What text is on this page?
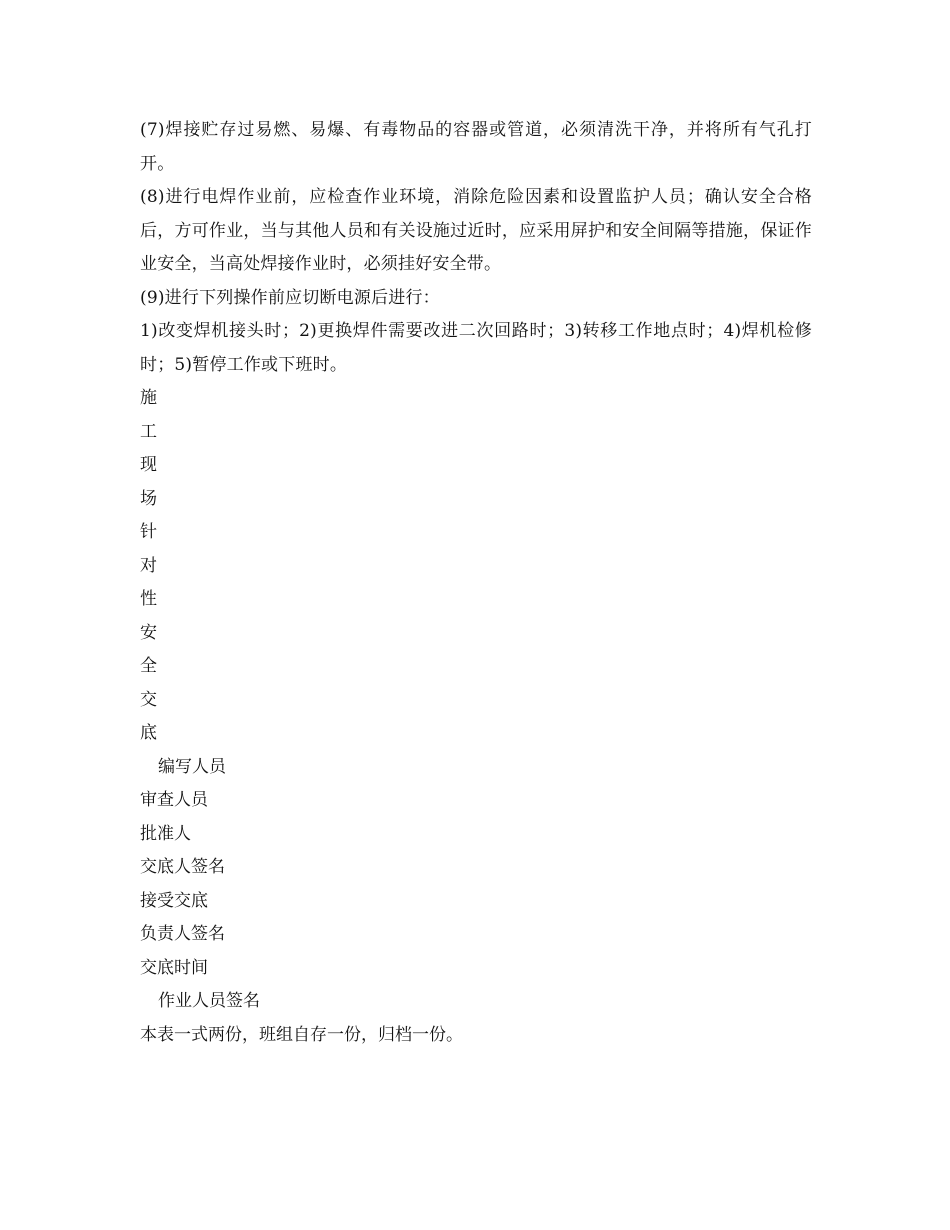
(7)焊接贮存过易燃、易爆、有毒物品的容器或管道，必须清洗干净，并将所有气孔打开。

(8)进行电焊作业前，应检查作业环境，消除危险因素和设置监护人员；确认安全合格后，方可作业，当与其他人员和有关设施过近时，应采用屏护和安全间隔等措施，保证作业安全，当高处焊接作业时，必须挂好安全带。

(9)进行下列操作前应切断电源后进行：

1)改变焊机接头时；2)更换焊件需要改进二次回路时；3)转移工作地点时；4)焊机检修时；5)暂停工作或下班时。

施

工

现

场

针

对

性

安

全

交

底

编写人员

审查人员

批准人

交底人签名

接受交底

负责人签名

交底时间

作业人员签名

本表一式两份，班组自存一份，归档一份。
